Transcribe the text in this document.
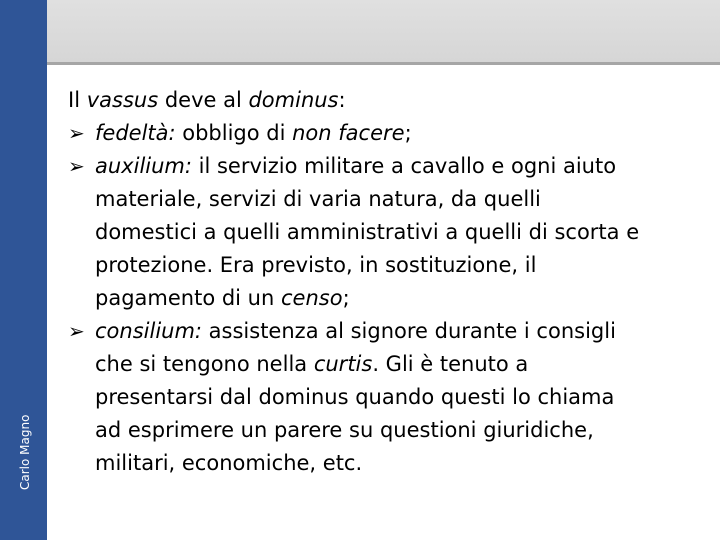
Carlo Magno

Il vassus deve al dominus:

➢ fedeltà: obbligo di non facere;
➢ auxilium: il servizio militare a cavallo e ogni aiuto
materiale, servizi di varia natura, da quelli
domestici a quelli amministrativi a quelli di scorta e
protezione. Era previsto, in sostituzione, il
pagamento di un censo;
➢ consilium: assistenza al signore durante i consigli
che si tengono nella curtis. Gli è tenuto a
presentarsi dal dominus quando questi lo chiama
ad esprimere un parere su questioni giuridiche,
militari, economiche, etc.
